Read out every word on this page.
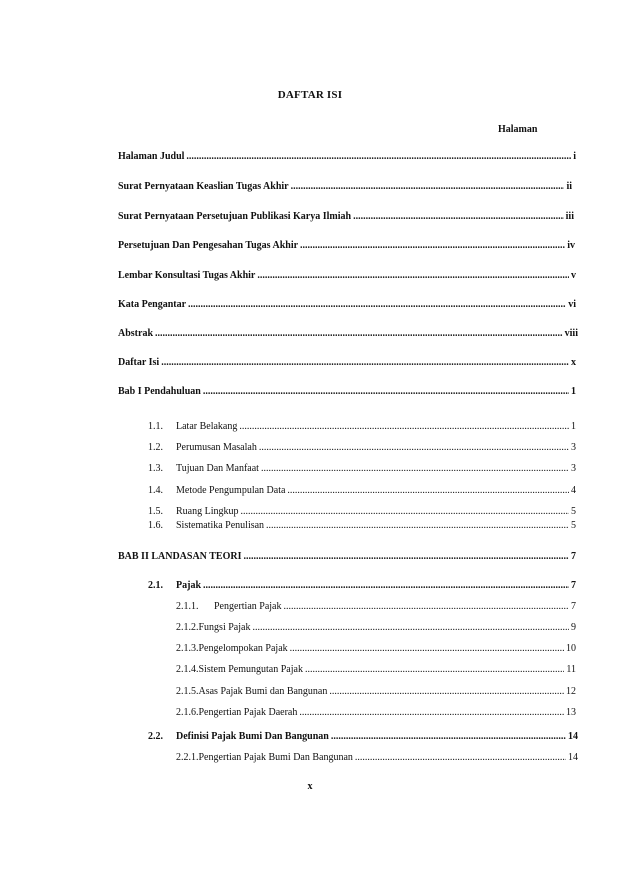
DAFTAR ISI
Halaman
Halaman Judul .....	i
Surat Pernyataan Keaslian Tugas Akhir .....	ii
Surat Pernyataan Persetujuan Publikasi Karya Ilmiah .....	iii
Persetujuan Dan Pengesahan Tugas Akhir .....	iv
Lembar Konsultasi Tugas Akhir .....	v
Kata Pengantar .....	vi
Abstrak .....	viii
Daftar Isi .....	x
Bab I Pendahuluan .....	1
1.1.	Latar Belakang .....	1
1.2.	Perumusan Masalah .....	3
1.3.	Tujuan Dan Manfaat .....	3
1.4.	Metode Pengumpulan Data .....	4
1.5.	Ruang Lingkup .....	5
1.6.	Sistematika Penulisan .....	5
BAB II LANDASAN TEORI .....	7
2.1.	Pajak .....	7
2.1.1.	Pengertian Pajak .....	7
2.1.2. Fungsi Pajak .....	9
2.1.3. Pengelompokan Pajak .....	10
2.1.4. Sistem Pemungutan Pajak .....	11
2.1.5. Asas Pajak Bumi dan Bangunan .....	12
2.1.6. Pengertian Pajak Daerah .....	13
2.2.	Definisi Pajak Bumi Dan Bangunan .....	14
2.2.1. Pengertian Pajak Bumi Dan Bangunan .....	14
x
